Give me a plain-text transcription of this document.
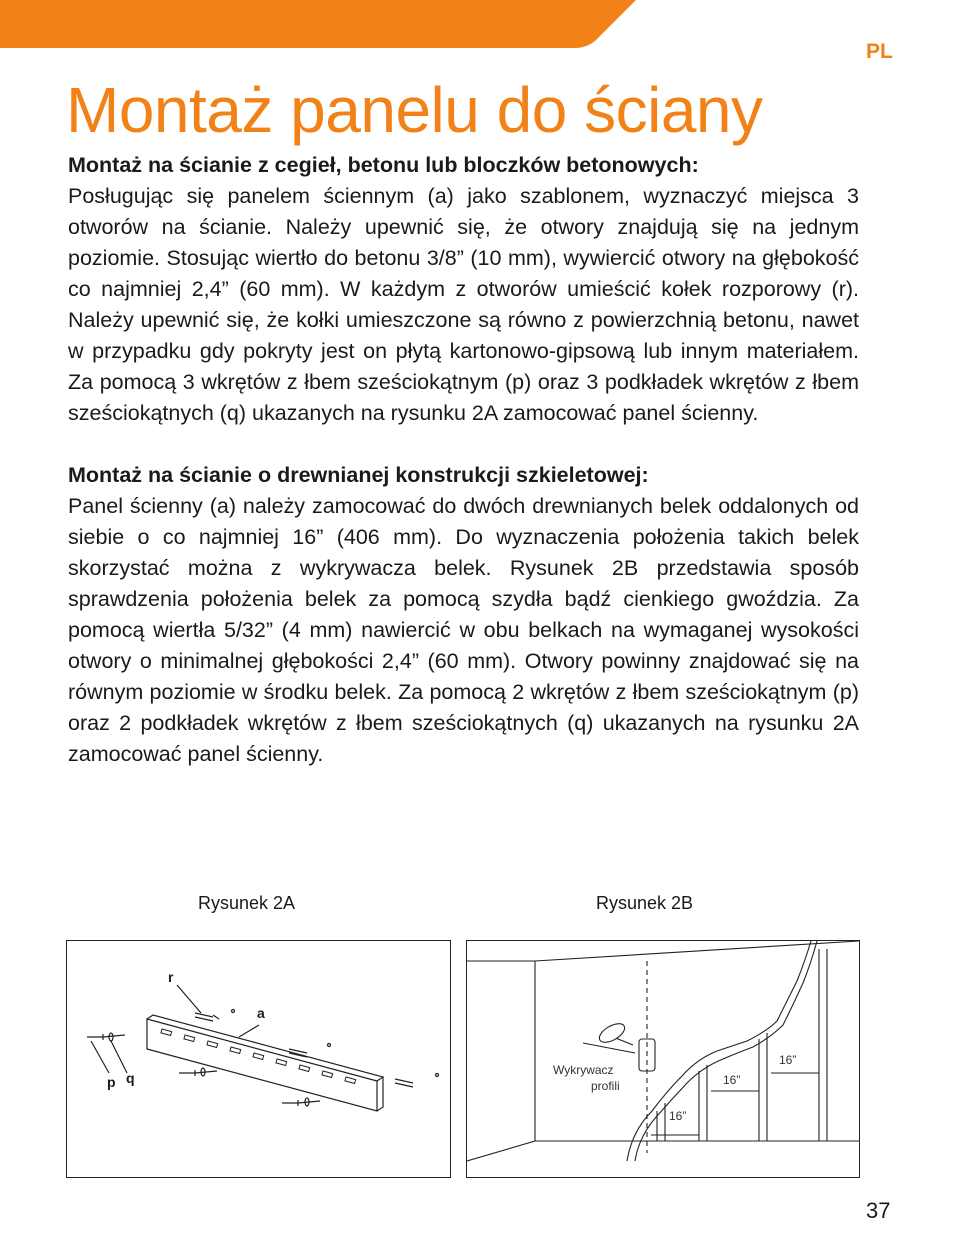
PL
Montaż panelu do ściany
Montaż na ścianie z cegieł, betonu lub bloczków betonowych:

Posługując się panelem ściennym (a) jako szablonem, wyznaczyć miejsca 3 otworów na ścianie. Należy upewnić się, że otwory znajdują się na jednym poziomie. Stosując wiertło do betonu 3/8” (10 mm), wywiercić otwory na głębokość co najmniej 2,4” (60 mm). W każdym z otworów umieścić kołek rozporowy (r). Należy upewnić się, że kołki umieszczone są równo z powierzchnią betonu, nawet w przypadku gdy pokryty jest on płytą kartonowo-gipsową lub innym materiałem. Za pomocą 3 wkrętów z łbem sześciokątnym (p) oraz 3 podkładek wkrętów z łbem sześciokątnych (q) ukazanych na rysunku 2A zamocować panel ścienny.

Montaż na ścianie o drewnianej konstrukcji szkieletowej:

Panel ścienny (a) należy zamocować do dwóch drewnianych belek oddalonych od siebie o co najmniej 16” (406 mm). Do wyznaczenia położenia takich belek skorzystać można z wykrywacza belek. Rysunek 2B przedstawia sposób sprawdzenia położenia belek za pomocą szydła bądź cienkiego gwoździa. Za pomocą wiertła 5/32” (4 mm) nawiercić w obu belkach na wymaganej wysokości otwory o minimalnej głębokości 2,4” (60 mm). Otwory powinny znajdować się na równym poziomie w środku belek. Za pomocą 2 wkrętów z łbem sześciokątnym (p) oraz 2 podkładek wkrętów z łbem sześciokątnych (q) ukazanych na rysunku 2A zamocować panel ścienny.

Rysunek 2A	Rysunek 2B
r
a
p q	Wykrywacz
profili
16”
16”
16”
37
